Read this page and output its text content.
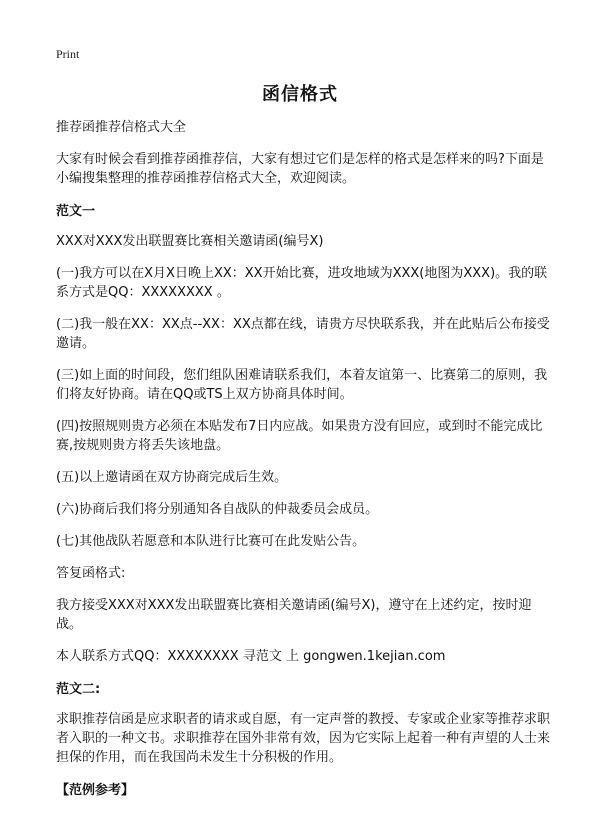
Print
函信格式

推荐函推荐信格式大全

大家有时候会看到推荐函推荐信，大家有想过它们是怎样的格式是怎样来的吗?下面是小编搜集整理的推荐函推荐信格式大全，欢迎阅读。

范文一

XXX对XXX发出联盟赛比赛相关邀请函(编号X)

(一)我方可以在X月X日晚上XX：XX开始比赛，进攻地域为XXX(地图为XXX)。我的联系方式是QQ：XXXXXXXX 。

(二)我一般在XX：XX点--XX：XX点都在线，请贵方尽快联系我，并在此贴后公布接受邀请。

(三)如上面的时间段，您们组队困难请联系我们，本着友谊第一、比赛第二的原则，我们将友好协商。请在QQ或TS上双方协商具体时间。

(四)按照规则贵方必须在本贴发布7日内应战。如果贵方没有回应，或到时不能完成比赛,按规则贵方将丢失该地盘。

(五)以上邀请函在双方协商完成后生效。

(六)协商后我们将分别通知各自战队的仲裁委员会成员。

(七)其他战队若愿意和本队进行比赛可在此发贴公告。

答复函格式:

我方接受XXX对XXX发出联盟赛比赛相关邀请函(编号X)，遵守在上述约定，按时迎战。

本人联系方式QQ：XXXXXXXX 寻范文 上 gongwen.1kejian.com

范文二:

求职推荐信函是应求职者的请求或自愿，有一定声誉的教授、专家或企业家等推荐求职者入职的一种文书。求职推荐在国外非常有效，因为它实际上起着一种有声望的人士来担保的作用，而在我国尚未发生十分积极的作用。

【范例参考】
